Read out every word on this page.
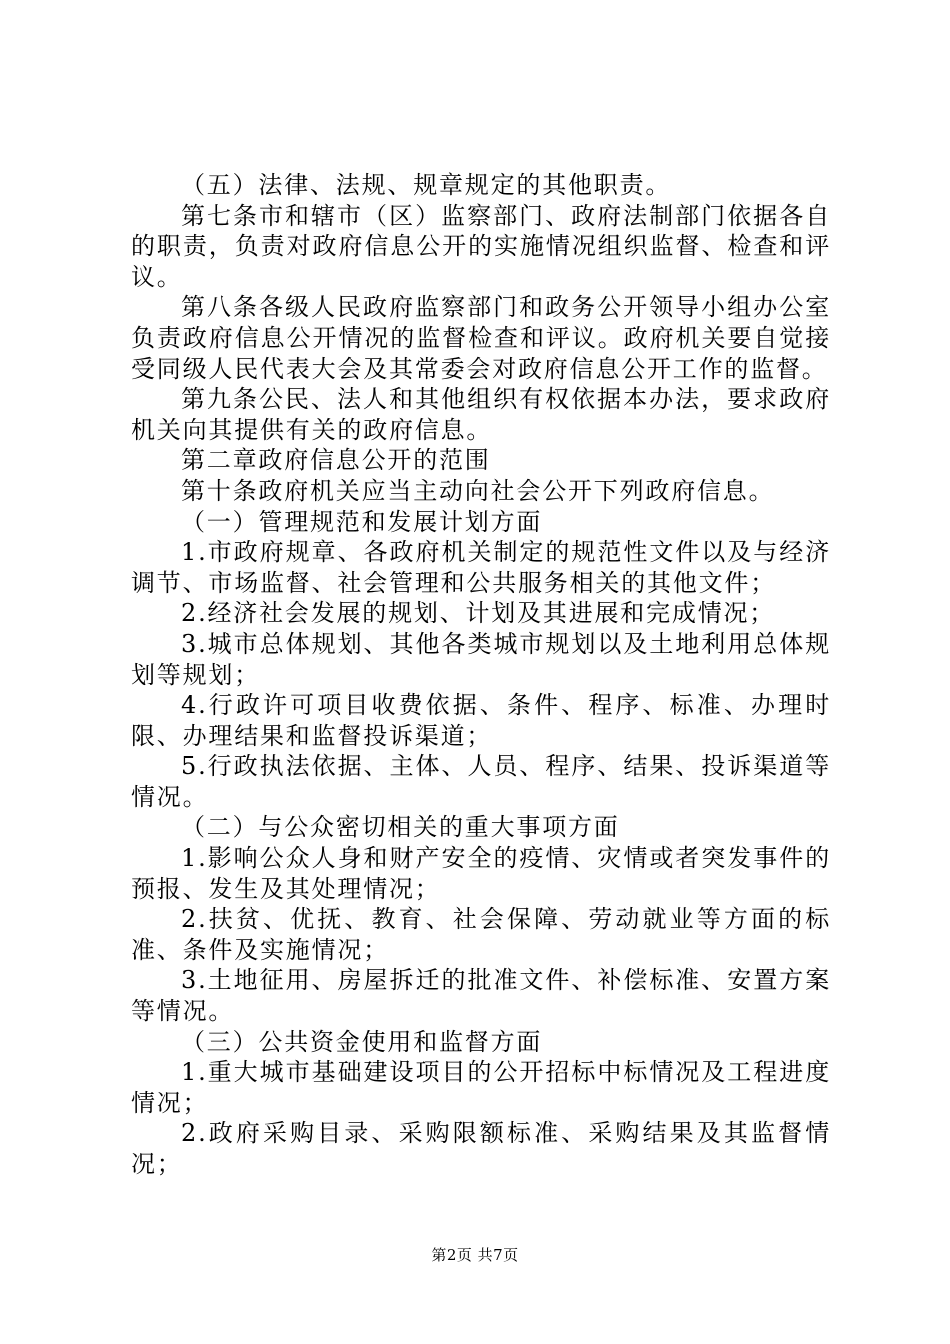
（五）法律、法规、规章规定的其他职责。

第七条市和辖市（区）监察部门、政府法制部门依据各自的职责，负责对政府信息公开的实施情况组织监督、检查和评议。

第八条各级人民政府监察部门和政务公开领导小组办公室负责政府信息公开情况的监督检查和评议。政府机关要自觉接受同级人民代表大会及其常委会对政府信息公开工作的监督。

第九条公民、法人和其他组织有权依据本办法，要求政府机关向其提供有关的政府信息。

第二章政府信息公开的范围

第十条政府机关应当主动向社会公开下列政府信息。

（一）管理规范和发展计划方面

1.市政府规章、各政府机关制定的规范性文件以及与经济调节、市场监督、社会管理和公共服务相关的其他文件；

2.经济社会发展的规划、计划及其进展和完成情况；

3.城市总体规划、其他各类城市规划以及土地利用总体规划等规划；

4.行政许可项目收费依据、条件、程序、标准、办理时限、办理结果和监督投诉渠道；

5.行政执法依据、主体、人员、程序、结果、投诉渠道等情况。

（二）与公众密切相关的重大事项方面

1.影响公众人身和财产安全的疫情、灾情或者突发事件的预报、发生及其处理情况；

2.扶贫、优抚、教育、社会保障、劳动就业等方面的标准、条件及实施情况；

3.土地征用、房屋拆迁的批准文件、补偿标准、安置方案等情况。

（三）公共资金使用和监督方面

1.重大城市基础建设项目的公开招标中标情况及工程进度情况；

2.政府采购目录、采购限额标准、采购结果及其监督情况；

第2页 共7页
